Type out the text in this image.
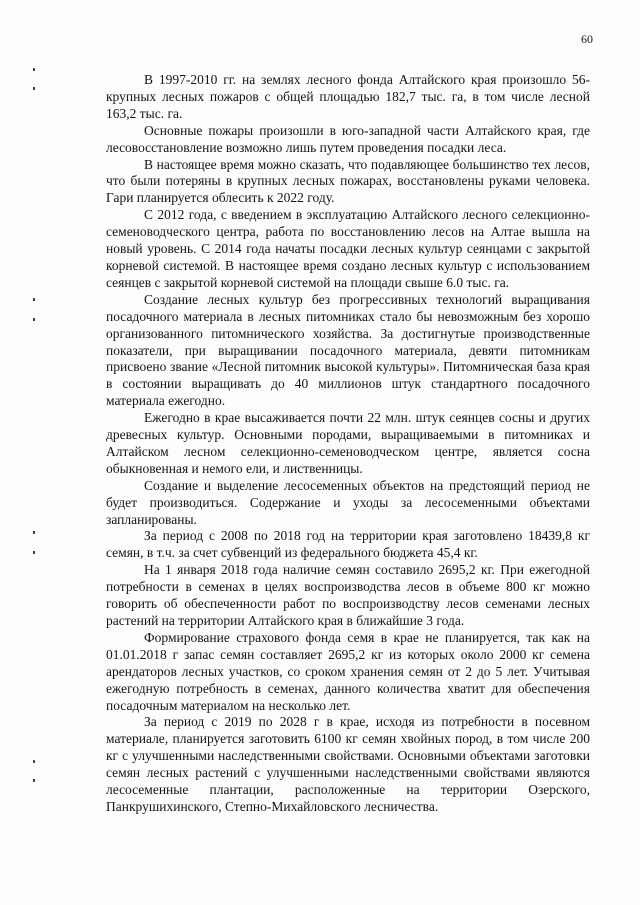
60

В 1997-2010 гг. на землях лесного фонда Алтайского края произошло 56-крупных лесных пожаров с общей площадью 182,7 тыс. га, в том числе лесной 163,2 тыс. га.

Основные пожары произошли в юго-западной части Алтайского края, где лесовосстановление возможно лишь путем проведения посадки леса.

В настоящее время можно сказать, что подавляющее большинство тех лесов, что были потеряны в крупных лесных пожарах, восстановлены руками человека. Гари планируется облесить к 2022 году.

С 2012 года, с введением в эксплуатацию Алтайского лесного селекционно-семеноводческого центра, работа по восстановлению лесов на Алтае вышла на новый уровень. С 2014 года начаты посадки лесных культур сеянцами с закрытой корневой системой. В настоящее время создано лесных культур с использованием сеянцев с закрытой корневой системой на площади свыше 6.0 тыс. га.

Создание лесных культур без прогрессивных технологий выращивания посадочного материала в лесных питомниках стало бы невозможным без хорошо организованного питомнического хозяйства. За достигнутые производственные показатели, при выращивании посадочного материала, девяти питомникам присвоено звание «Лесной питомник высокой культуры». Питомническая база края в состоянии выращивать до 40 миллионов штук стандартного посадочного материала ежегодно.

Ежегодно в крае высаживается почти 22 млн. штук сеянцев сосны и других древесных культур. Основными породами, выращиваемыми в питомниках и Алтайском лесном селекционно-семеноводческом центре, является сосна обыкновенная и немого ели, и лиственницы.

Создание и выделение лесосеменных объектов на предстоящий период не будет производиться. Содержание и уходы за лесосеменными объектами запланированы.

За период с 2008 по 2018 год на территории края заготовлено 18439,8 кг семян, в т.ч. за счет субвенций из федерального бюджета 45,4 кг.

На 1 января 2018 года наличие семян составило 2695,2 кг. При ежегодной потребности в семенах в целях воспроизводства лесов в объеме 800 кг можно говорить об обеспеченности работ по воспроизводству лесов семенами лесных растений на территории Алтайского края в ближайшие 3 года.

Формирование страхового фонда семя в крае не планируется, так как на 01.01.2018 г запас семян составляет 2695,2 кг из которых около 2000 кг семена арендаторов лесных участков, со сроком хранения семян от 2 до 5 лет. Учитывая ежегодную потребность в семенах, данного количества хватит для обеспечения посадочным материалом на несколько лет.

За период с 2019 по 2028 г в крае, исходя из потребности в посевном материале, планируется заготовить 6100 кг семян хвойных пород, в том числе 200 кг с улучшенными наследственными свойствами. Основными объектами заготовки семян лесных растений с улучшенными наследственными свойствами являются лесосеменные плантации, расположенные на территории Озерского, Панкрушихинского, Степно-Михайловского лесничества.
